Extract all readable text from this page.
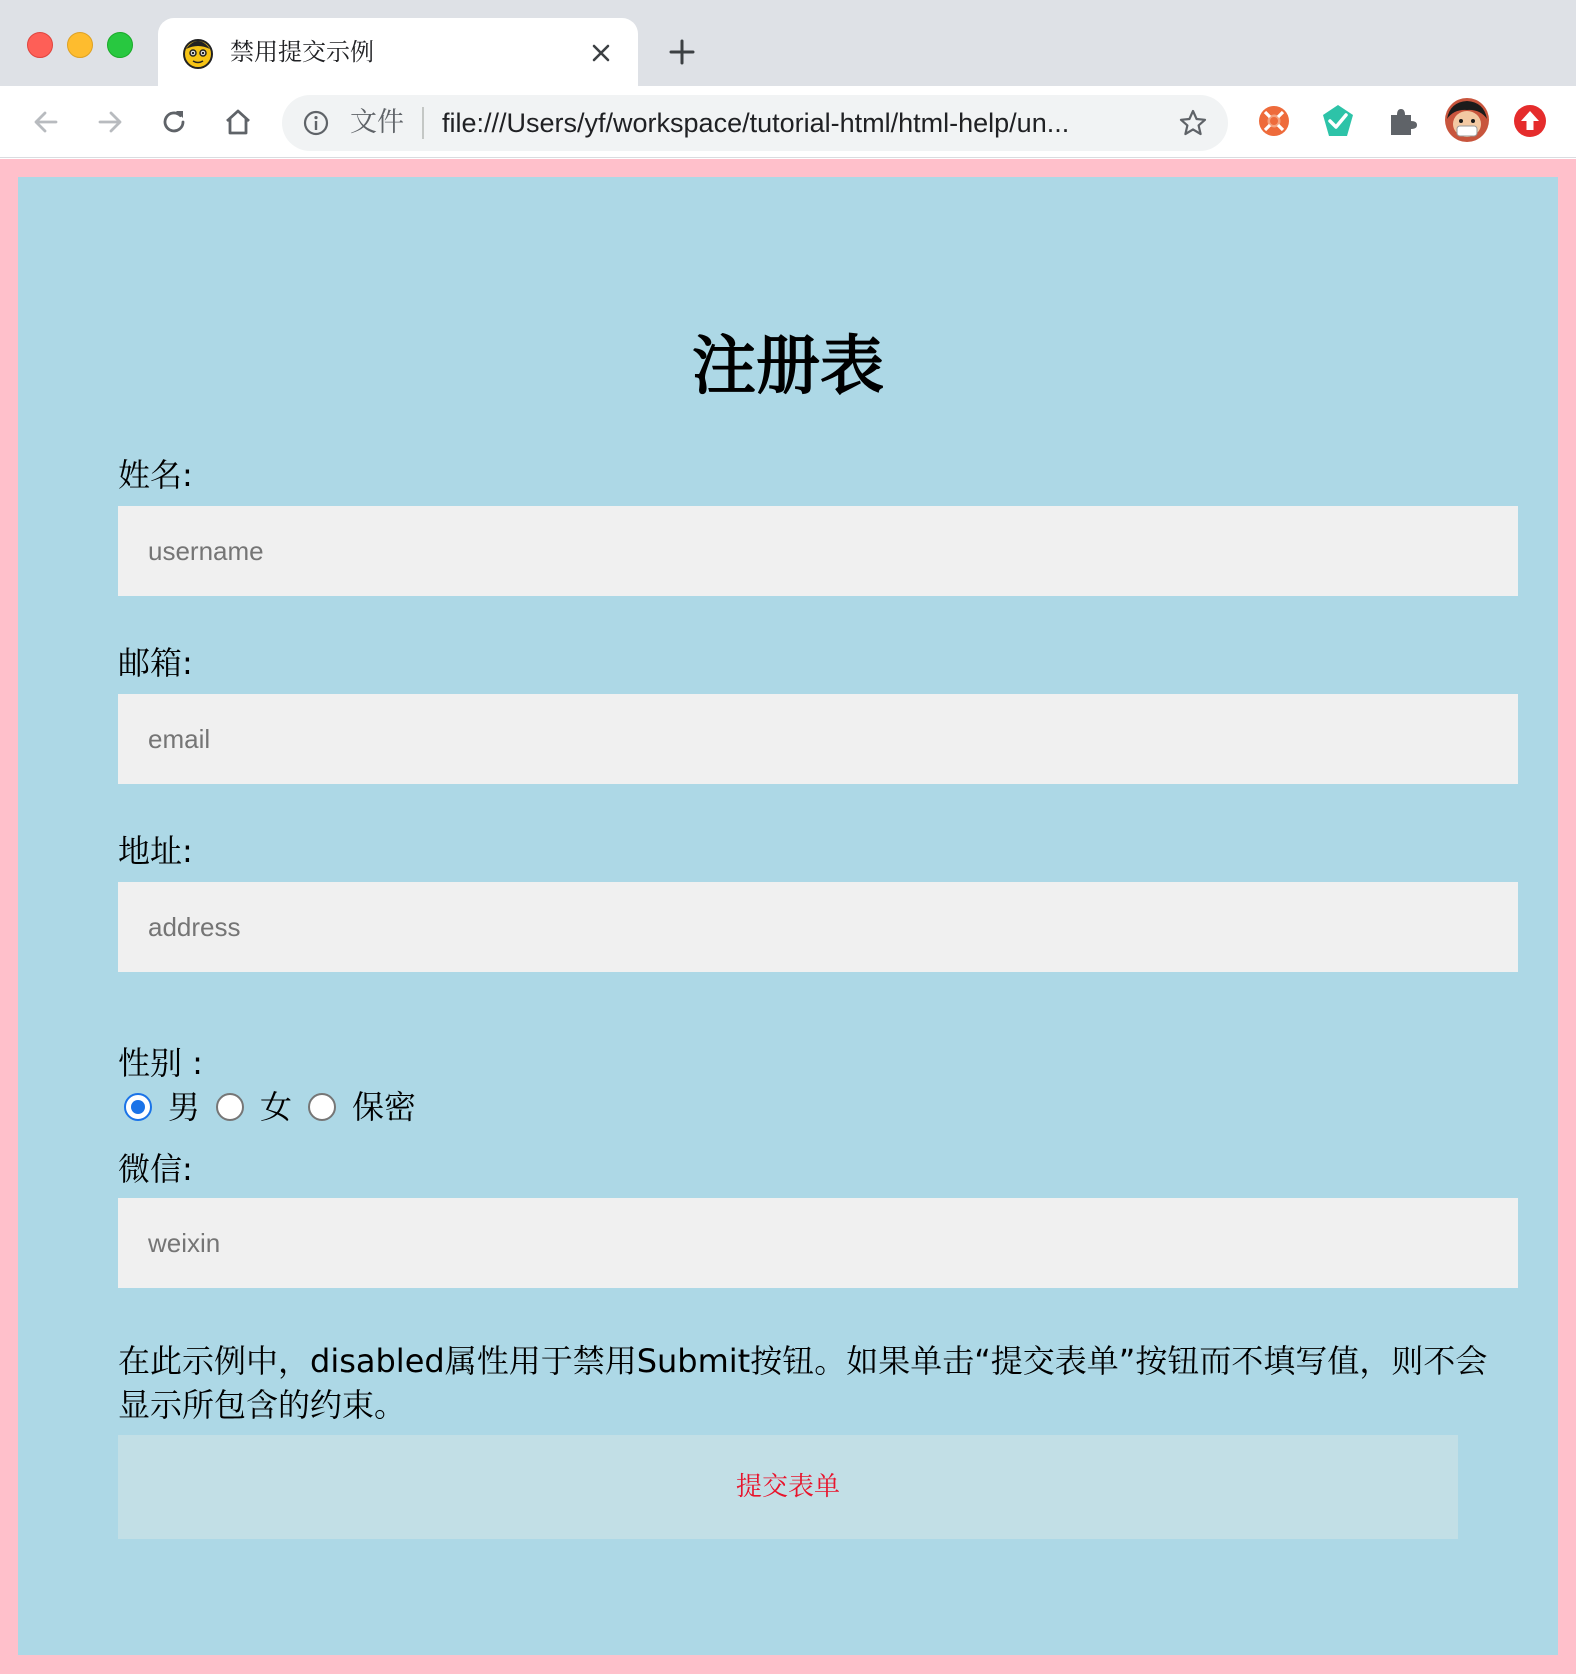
禁用提交示例
文件 file:///Users/yf/workspace/tutorial-html/html-help/un...
注册表
姓名:
username
邮箱:
email
地址:
address
性别 :
男 女 保密
微信:
weixin

在此示例中，disabled属性用于禁用Submit按钮。如果单击“提交表单”按钮而不填写值，则不会显示所包含的约束。

提交表单
